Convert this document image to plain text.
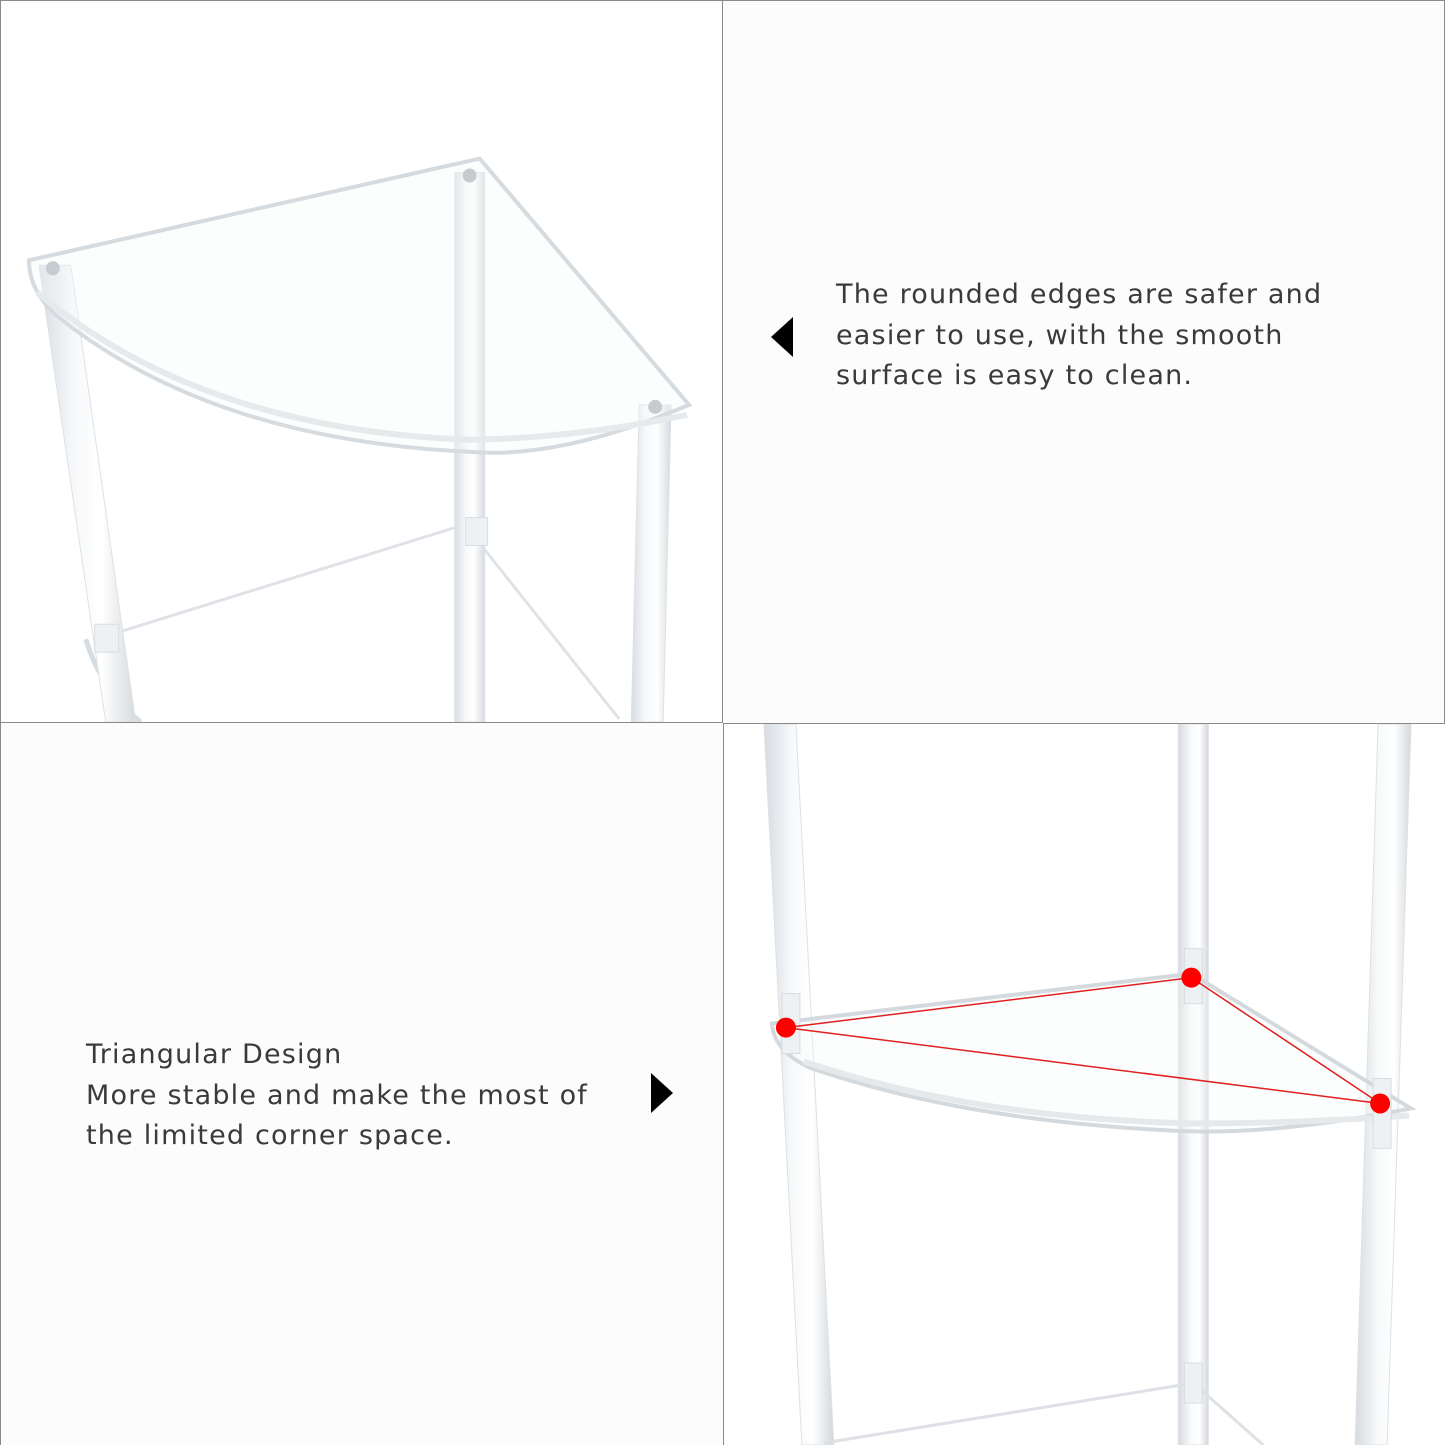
The rounded edges are safer and
easier to use, with the smooth
surface is easy to clean.

Triangular Design
More stable and make the most of
the limited corner space.
